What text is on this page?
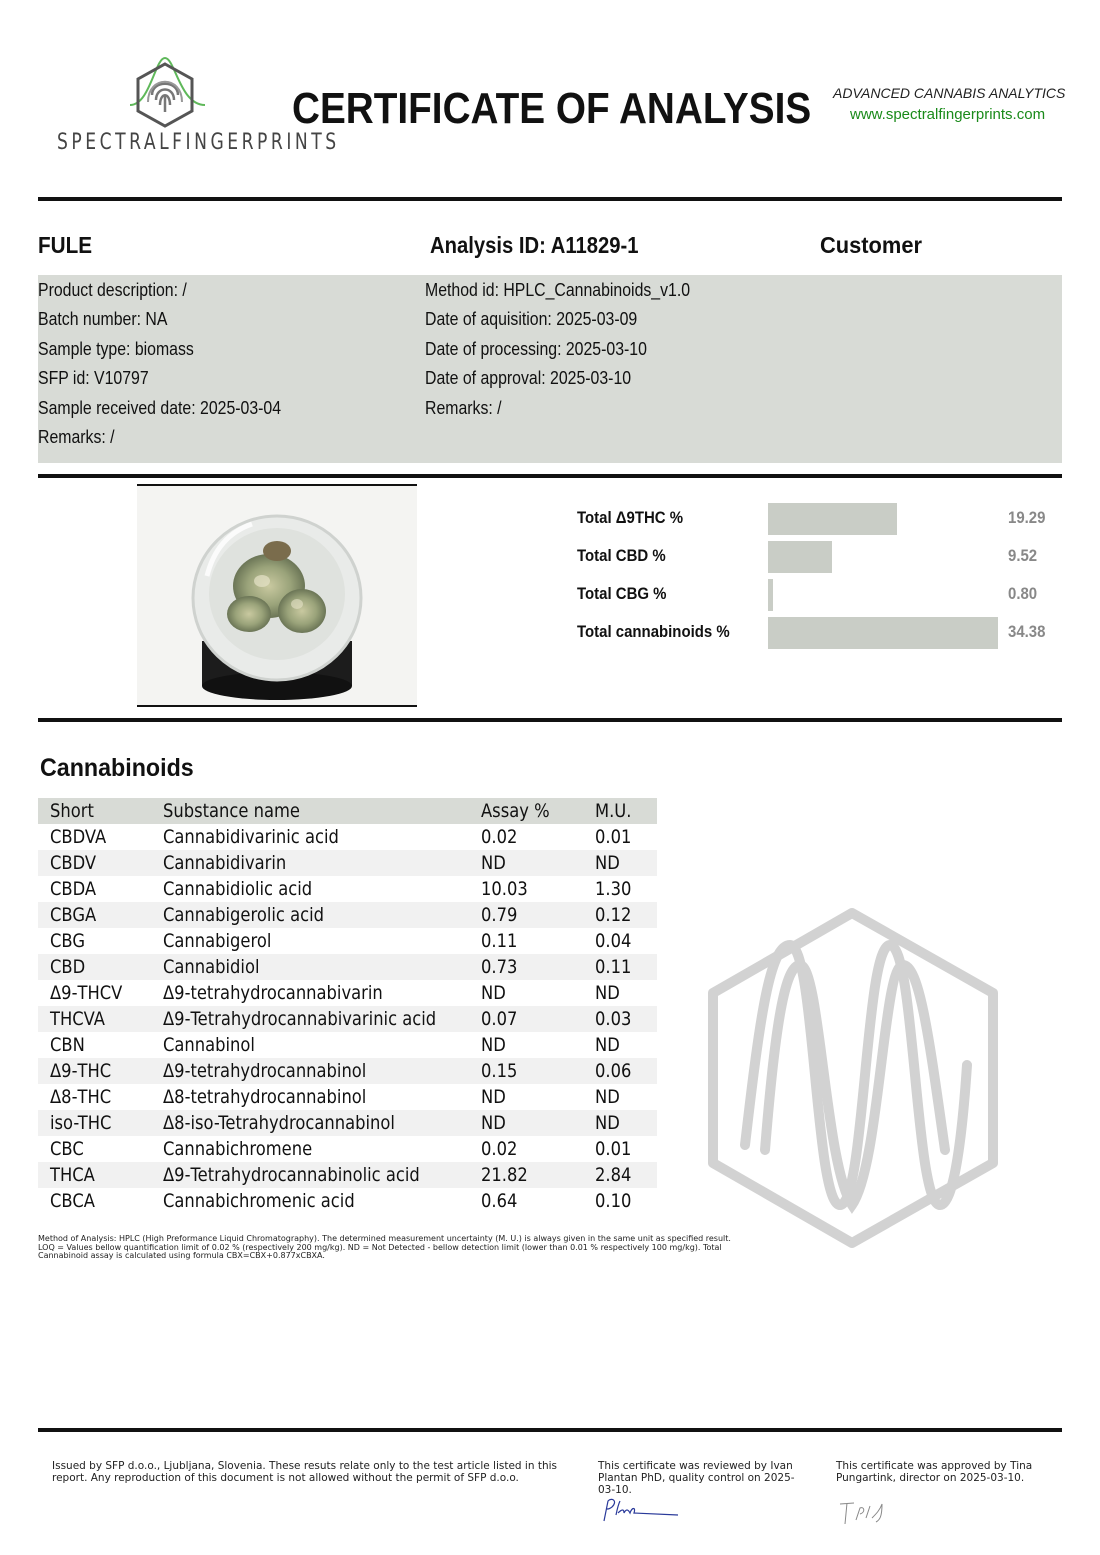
SPECTRALFINGERPRINTS
CERTIFICATE OF ANALYSIS ADVANCED CANNABIS ANALYTICS
www.spectralfingerprints.com
FULE	Analysis ID: A11829-1	Customer
Product description: /
Batch number: NA
Sample type: biomass
SFP id: V10797
Sample received date: 2025-03-04
Remarks: /
Method id: HPLC_Cannabinoids_v1.0
Date of aquisition: 2025-03-09
Date of processing: 2025-03-10
Date of approval: 2025-03-10
Remarks: /
Total Δ9THC %	19.29
Total CBD %	9.52
Total CBG %	0.80
Total cannabinoids %	34.38
Cannabinoids
Short	Substance name	Assay %	M.U.
CBDVA	Cannabidivarinic acid	0.02	0.01
CBDV	Cannabidivarin	ND	ND
CBDA	Cannabidiolic acid	10.03	1.30
CBGA	Cannabigerolic acid	0.79	0.12
CBG	Cannabigerol	0.11	0.04
CBD	Cannabidiol	0.73	0.11
Δ9-THCV	Δ9-tetrahydrocannabivarin	ND	ND
THCVA	Δ9-Tetrahydrocannabivarinic acid	0.07	0.03
CBN	Cannabinol	ND	ND
Δ9-THC	Δ9-tetrahydrocannabinol	0.15	0.06
Δ8-THC	Δ8-tetrahydrocannabinol	ND	ND
iso-THC	Δ8-iso-Tetrahydrocannabinol	ND	ND
CBC	Cannabichromene	0.02	0.01
THCA	Δ9-Tetrahydrocannabinolic acid	21.82	2.84
CBCA	Cannabichromenic acid	0.64	0.10
Method of Analysis: HPLC (High Preformance Liquid Chromatography). The determined measurement uncertainty (M. U.) is always given in the same unit as specified result. LOQ = Values bellow quantification limit of 0.02 % (respectively 200 mg/kg). ND = Not Detected - bellow detection limit (lower than 0.01 % respectively 100 mg/kg). Total Cannabinoid assay is calculated using formula CBX=CBX+0.877xCBXA.
Issued by SFP d.o.o., Ljubljana, Slovenia. These resuts relate only to the test article listed in this report. Any reproduction of this document is not allowed without the permit of SFP d.o.o.
This certificate was reviewed by Ivan Plantan PhD, quality control on 2025-03-10.
This certificate was approved by Tina Pungartink, director on 2025-03-10.
